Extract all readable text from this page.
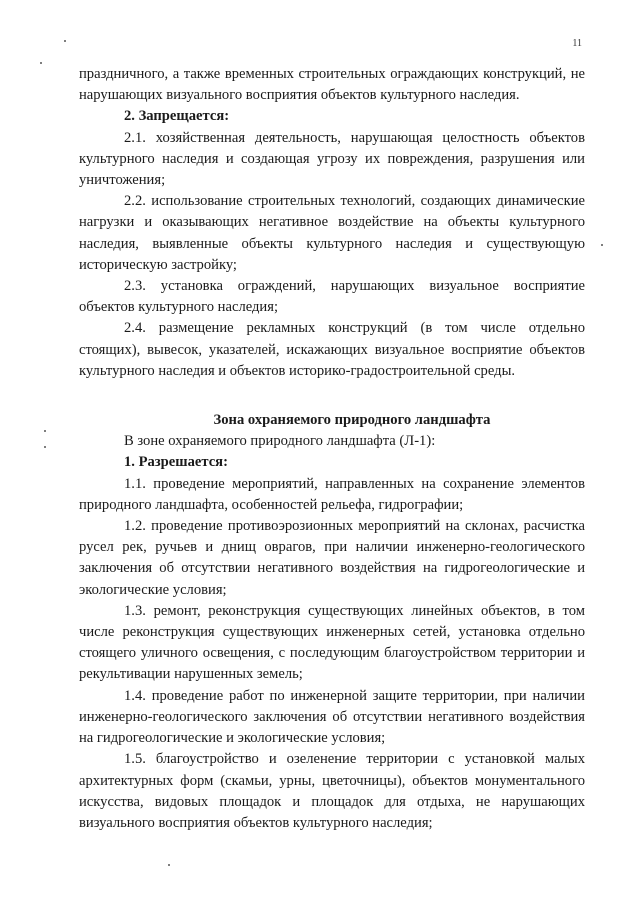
11

праздничного, а также временных строительных ограждающих конструкций, не нарушающих визуального восприятия объектов культурного наследия.

2. Запрещается:

2.1. хозяйственная деятельность, нарушающая целостность объектов культурного наследия и создающая угрозу их повреждения, разрушения или уничтожения;

2.2. использование строительных технологий, создающих динамические нагрузки и оказывающих негативное воздействие на объекты культурного наследия, выявленные объекты культурного наследия и существующую историческую застройку;

2.3. установка ограждений, нарушающих визуальное восприятие объектов культурного наследия;

2.4. размещение рекламных конструкций (в том числе отдельно стоящих), вывесок, указателей, искажающих визуальное восприятие объектов культурного наследия и объектов историко-градостроительной среды.

Зона охраняемого природного ландшафта

В зоне охраняемого природного ландшафта (Л-1):

1. Разрешается:

1.1. проведение мероприятий, направленных на сохранение элементов природного ландшафта, особенностей рельефа, гидрографии;

1.2. проведение противоэрозионных мероприятий на склонах, расчистка русел рек, ручьев и днищ оврагов, при наличии инженерно-геологического заключения об отсутствии негативного воздействия на гидрогеологические и экологические условия;

1.3. ремонт, реконструкция существующих линейных объектов, в том числе реконструкция существующих инженерных сетей, установка отдельно стоящего уличного освещения, с последующим благоустройством территории и рекультивации нарушенных земель;

1.4. проведение работ по инженерной защите территории, при наличии инженерно-геологического заключения об отсутствии негативного воздействия на гидрогеологические и экологические условия;

1.5. благоустройство и озеленение территории с установкой малых архитектурных форм (скамьи, урны, цветочницы), объектов монументального искусства, видовых площадок и площадок для отдыха, не нарушающих визуального восприятия объектов культурного наследия;
